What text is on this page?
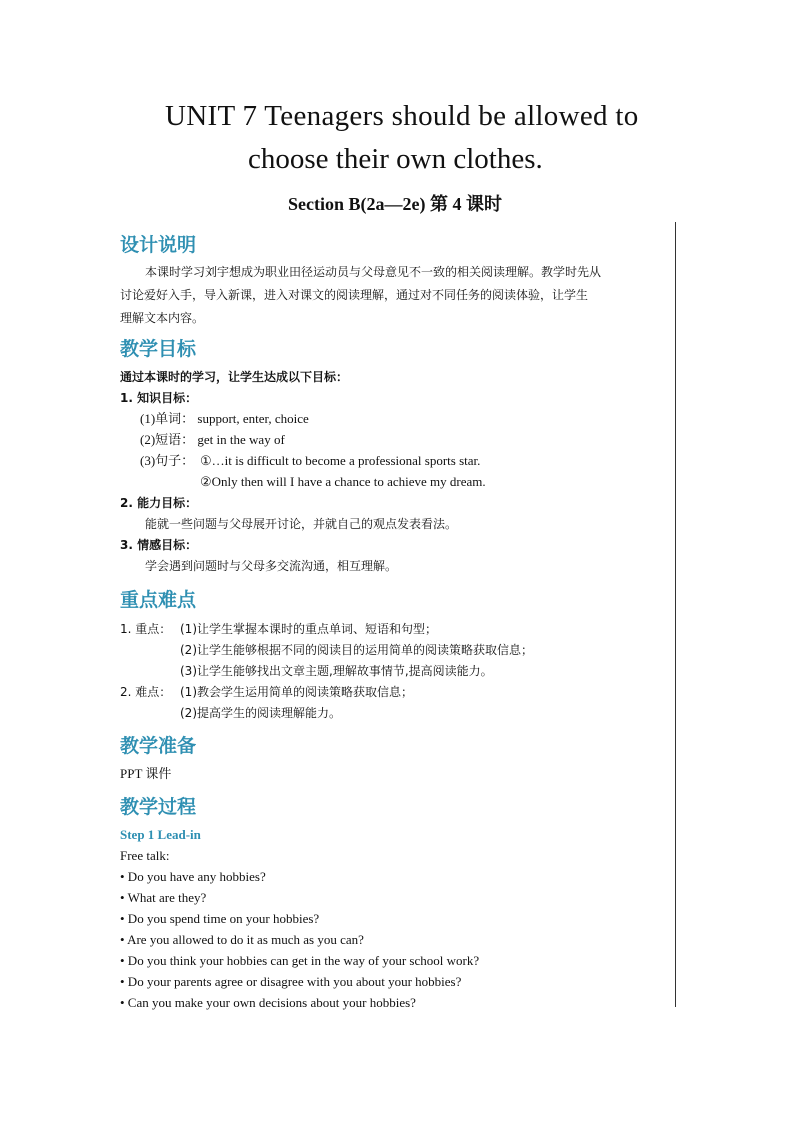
UNIT 7 Teenagers should be allowed to
choose their own clothes.
Section B(2a—2e) 第 4 课时
设计说明
本课时学习刘宇想成为职业田径运动员与父母意见不一致的相关阅读理解。教学时先从
讨论爱好入手，导入新课，进入对课文的阅读理解，通过对不同任务的阅读体验，让学生
理解文本内容。
教学目标
通过本课时的学习，让学生达成以下目标：
1. 知识目标：
(1)单词： support, enter, choice
(2)短语： get in the way of
(3)句子： ①…it is difficult to become a professional sports star.
②Only then will I have a chance to achieve my dream.
2. 能力目标：
能就一些问题与父母展开讨论，并就自己的观点发表看法。
3. 情感目标：
学会遇到问题时与父母多交流沟通，相互理解。
重点难点
1. 重点： (1)让学生掌握本课时的重点单词、短语和句型；
(2)让学生能够根据不同的阅读目的运用简单的阅读策略获取信息；
(3)让学生能够找出文章主题,理解故事情节,提高阅读能力。
2. 难点： (1)教会学生运用简单的阅读策略获取信息；
(2)提高学生的阅读理解能力。
教学准备
PPT 课件
教学过程
Step 1 Lead-in
Free talk:
• Do you have any hobbies?
• What are they?
• Do you spend time on your hobbies?
• Are you allowed to do it as much as you can?
• Do you think your hobbies can get in the way of your school work?
• Do your parents agree or disagree with you about your hobbies?
• Can you make your own decisions about your hobbies?
